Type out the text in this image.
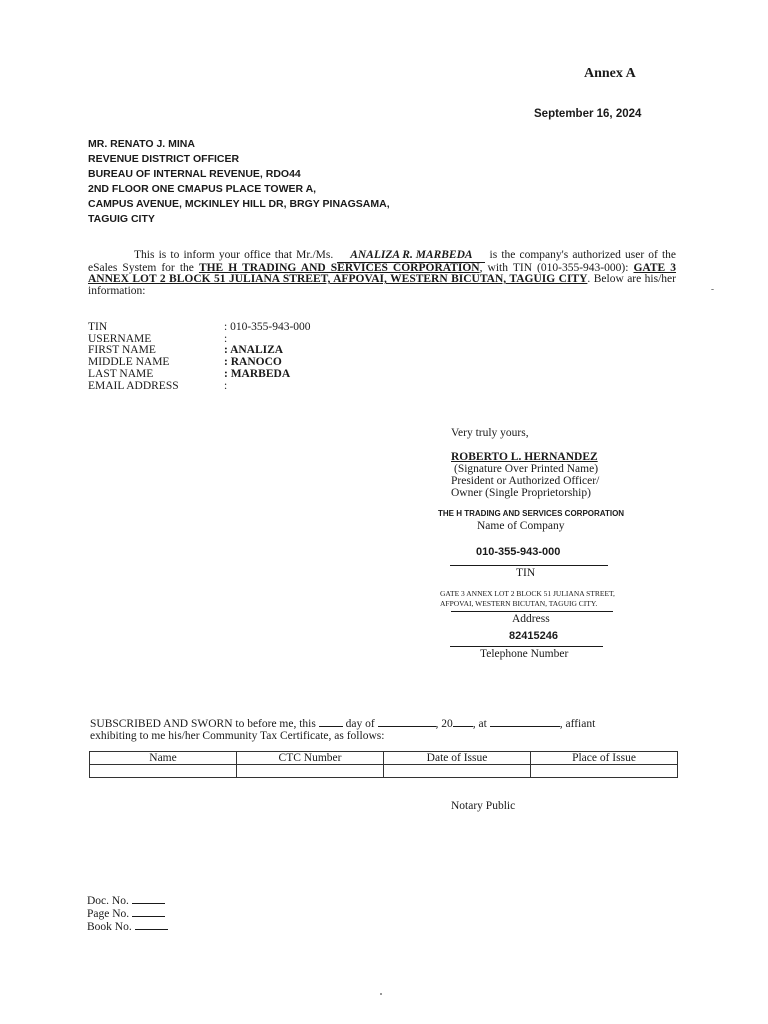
Annex A
September 16, 2024
MR. RENATO J. MINA
REVENUE DISTRICT OFFICER
BUREAU OF INTERNAL REVENUE, RDO44
2ND FLOOR ONE CMAPUS PLACE TOWER A,
CAMPUS AVENUE, MCKINLEY HILL DR, BRGY PINAGSAMA,
TAGUIG CITY
This is to inform your office that Mr./Ms. ANALIZA R. MARBEDA is the company's authorized user of the eSales System for the THE H TRADING AND SERVICES CORPORATION, with TIN (010-355-943-000): GATE 3 ANNEX LOT 2 BLOCK 51 JULIANA STREET, AFPOVAI, WESTERN BICUTAN, TAGUIG CITY. Below are his/her information:
TIN	: 010-355-943-000
USERNAME	:
FIRST NAME	: ANALIZA
MIDDLE NAME	: RANOCO
LAST NAME	: MARBEDA
EMAIL ADDRESS	:
Very truly yours,
ROBERTO L. HERNANDEZ
(Signature Over Printed Name)
President or Authorized Officer/
Owner (Single Proprietorship)
THE H TRADING AND SERVICES CORPORATION
Name of Company
010-355-943-000
TIN
GATE 3 ANNEX LOT 2 BLOCK 51 JULIANA STREET,
AFPOVAI, WESTERN BICUTAN, TAGUIG CITY.
Address
82415246
Telephone Number
SUBSCRIBED AND SWORN to before me, this	day of	, 20 , at	, affiant
exhibiting to me his/her Community Tax Certificate, as follows:
Name	CTC Number	Date of Issue	Place of Issue

Notary Public
Doc. No.
Page No.
Book No.
